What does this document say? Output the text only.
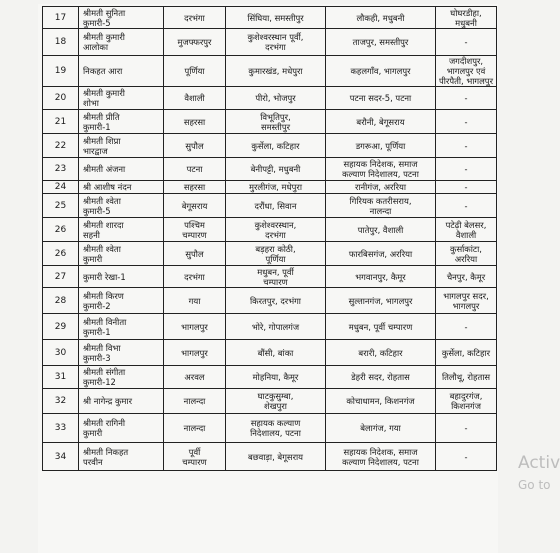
17	श्रीमती सुनिता
कुमारी-5	दरभंगा	सिंघिया, समस्तीपुर	लौकही, मधुबनी	घोघरडीहा,
मधुबनी
18	श्रीमती कुमारी
आलोका	मुजफ्फरपुर	कुशेश्वरस्थान पूर्वी,
दरभंगा	ताजपुर, समस्तीपुर	-
19	निकहत आरा	पूर्णिया	कुमारखंड, मधेपुरा	कहलगाँव, भागलपुर	जगदीशपुर,
भागलपुर एवं
पीरपैती, भागलपुर
20	श्रीमती कुमारी
शोभा	वैशाली	पीरो, भोजपुर	पटना सदर-5, पटना	-
21	श्रीमती प्रीति
कुमारी-1	सहरसा	विभूतिपुर,
समस्तीपुर	बरौनी, बेगूसराय	-
22	श्रीमती शिप्रा
भारद्वाज	सुपौल	कुर्सेला, कटिहार	डगरूआ, पूर्णिया	-
23	श्रीमती अंजना	पटना	बेनीपट्टी, मधुबनी	सहायक निदेशक, समाज
कल्याण निदेशालय, पटना	-
24	श्री आशीष नंदन	सहरसा	मुरलीगंज, मधेपुरा	रानीगंज, अररिया	-
25	श्रीमती श्वेता
कुमारी-5	बेगूसराय	दरौंधा, सिवान	गिरियक कतरीसराय,
नालन्दा	-
26	श्रीमती शारदा
सहनी	पश्चिम
चम्पारण	कुशेश्वरस्थान,
दरभंगा	पातेपुर, वैशाली	पटेढ़ी बेलसर,
वैशाली
26	श्रीमती श्वेता
कुमारी	सुपौल	बड़हरा कोठी,
पूर्णिया	फारबिसगंज, अररिया	कुर्साकांटा,
अररिया
27	कुमारी रेखा-1	दरभंगा	मधुबन, पूर्वी
चम्पारण	भगवानपुर, कैमूर	चैनपुर, कैमूर
28	श्रीमती किरण
कुमारी-2	गया	किरतपुर, दरभंगा	सुल्तानगंज, भागलपुर	भागलपुर सदर,
भागलपुर
29	श्रीमती विनीता
कुमारी-1	भागलपुर	भोरे, गोपालगंज	मधुबन, पूर्वी चम्पारण	-
30	श्रीमती विभा
कुमारी-3	भागलपुर	बौंसी, बांका	बरारी, कटिहार	कुर्सेला, कटिहार
31	श्रीमती संगीता
कुमारी-12	अरवल	मोहनिया, कैमूर	डेहरी सदर, रोहतास	तिलौथू, रोहतास
32	श्री नागेन्द्र कुमार	नालन्दा	घाटकुसुम्बा,
शेखपुरा	कोचाधामन, किशनगंज	बहादुरगंज,
किशनगंज
33	श्रीमती रागिनी
कुमारी	नालन्दा	सहायक कल्याण
निदेशालय, पटना	बेलागंज, गया	-
34	श्रीमती निकहत
परवीन	पूर्वी
चम्पारण	बछवाड़ा, बेगूसराय	सहायक निदेशक, समाज
कल्याण निदेशालय, पटना	-	Activ
Go to
